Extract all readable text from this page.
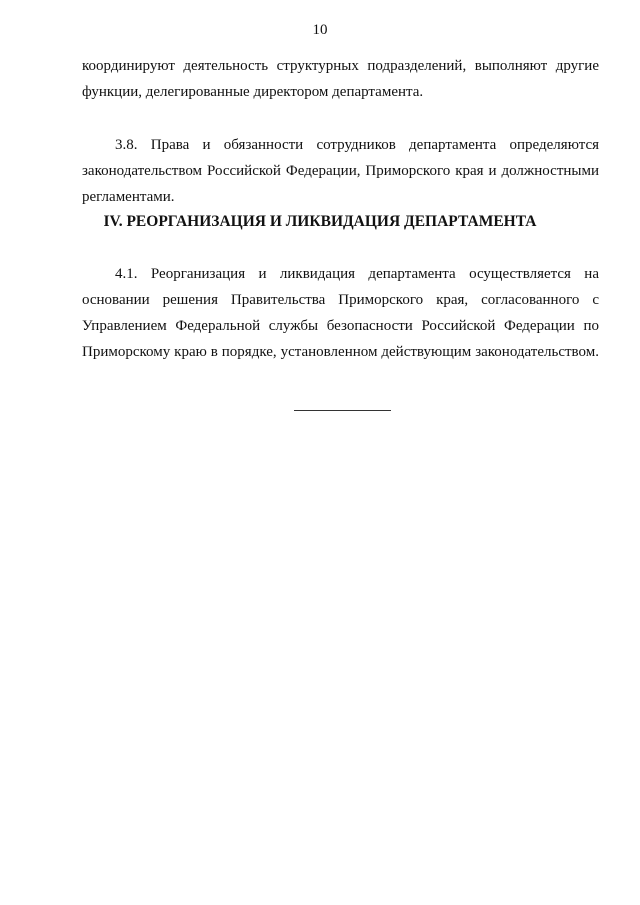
10

координируют деятельность структурных подразделений, выполняют другие

функции, делегированные директором департамента.

3.8. Права и обязанности сотрудников департамента определяются

законодательством Российской Федерации, Приморского края и должностными

регламентами.

IV. РЕОРГАНИЗАЦИЯ И ЛИКВИДАЦИЯ ДЕПАРТАМЕНТА

4.1. Реорганизация и ликвидация департамента осуществляется на

основании решения Правительства Приморского края, согласованного с

Управлением Федеральной службы безопасности Российской Федерации по

Приморскому краю в порядке, установленном действующим законодательством.
